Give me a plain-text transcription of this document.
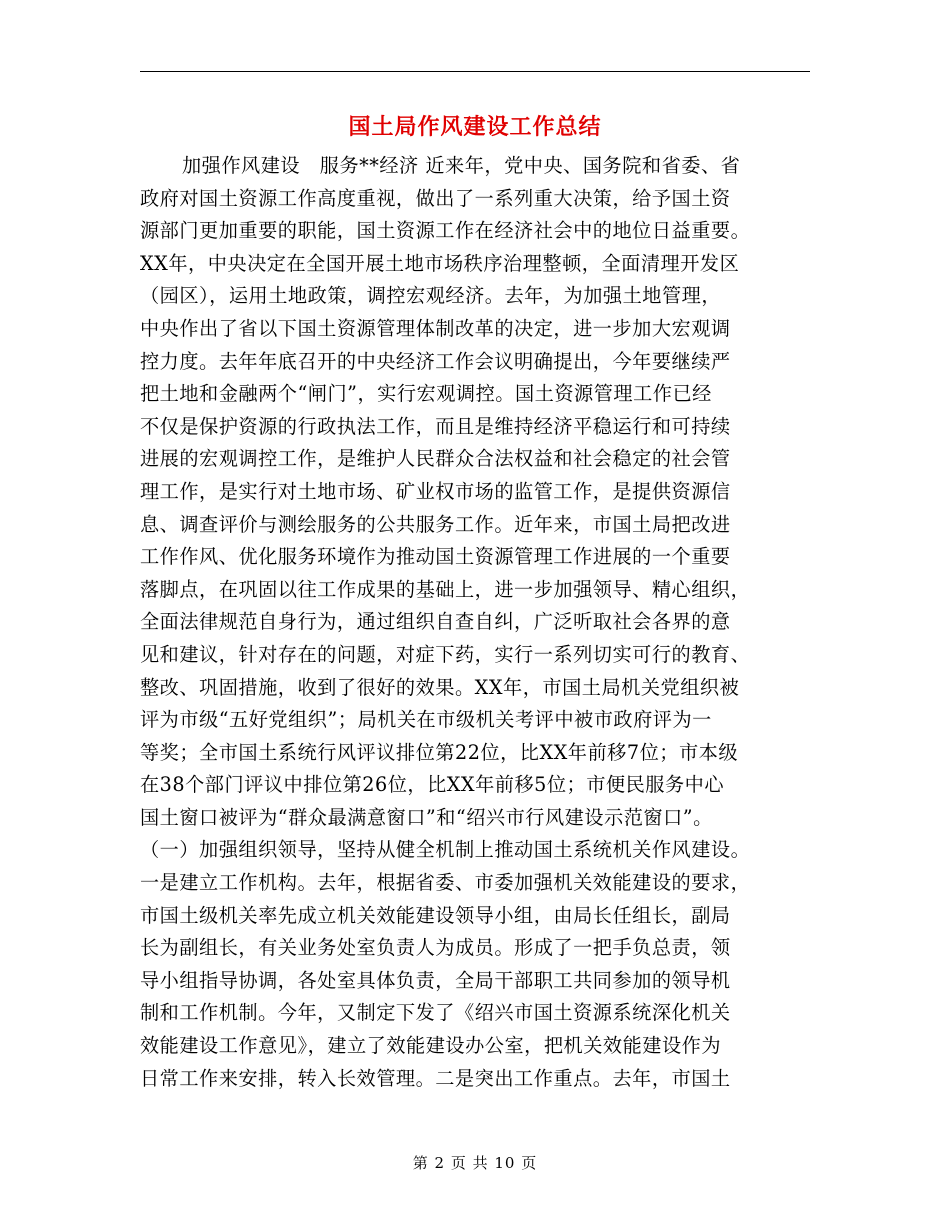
国土局作风建设工作总结
加强作风建设　服务**经济 近来年，党中央、国务院和省委、省
政府对国土资源工作高度重视，做出了一系列重大决策，给予国土资
源部门更加重要的职能，国土资源工作在经济社会中的地位日益重要。
XX年，中央决定在全国开展土地市场秩序治理整顿，全面清理开发区
（园区），运用土地政策，调控宏观经济。去年，为加强土地管理，
中央作出了省以下国土资源管理体制改革的决定，进一步加大宏观调
控力度。去年年底召开的中央经济工作会议明确提出，今年要继续严
把土地和金融两个“闸门”，实行宏观调控。国土资源管理工作已经
不仅是保护资源的行政执法工作，而且是维持经济平稳运行和可持续
进展的宏观调控工作，是维护人民群众合法权益和社会稳定的社会管
理工作，是实行对土地市场、矿业权市场的监管工作，是提供资源信
息、调查评价与测绘服务的公共服务工作。近年来，市国土局把改进
工作作风、优化服务环境作为推动国土资源管理工作进展的一个重要
落脚点，在巩固以往工作成果的基础上，进一步加强领导、精心组织，
全面法律规范自身行为，通过组织自查自纠，广泛听取社会各界的意
见和建议，针对存在的问题，对症下药，实行一系列切实可行的教育、
整改、巩固措施，收到了很好的效果。XX年，市国土局机关党组织被
评为市级“五好党组织”；局机关在市级机关考评中被市政府评为一
等奖；全市国土系统行风评议排位第22位，比XX年前移7位；市本级
在38个部门评议中排位第26位，比XX年前移5位；市便民服务中心
国土窗口被评为“群众最满意窗口”和“绍兴市行风建设示范窗口”。
（一）加强组织领导，坚持从健全机制上推动国土系统机关作风建设。
一是建立工作机构。去年，根据省委、市委加强机关效能建设的要求，
市国土级机关率先成立机关效能建设领导小组，由局长任组长，副局
长为副组长，有关业务处室负责人为成员。形成了一把手负总责，领
导小组指导协调，各处室具体负责，全局干部职工共同参加的领导机
制和工作机制。今年，又制定下发了《绍兴市国土资源系统深化机关
效能建设工作意见》，建立了效能建设办公室，把机关效能建设作为
日常工作来安排，转入长效管理。二是突出工作重点。去年，市国土
第 2 页 共 10 页
